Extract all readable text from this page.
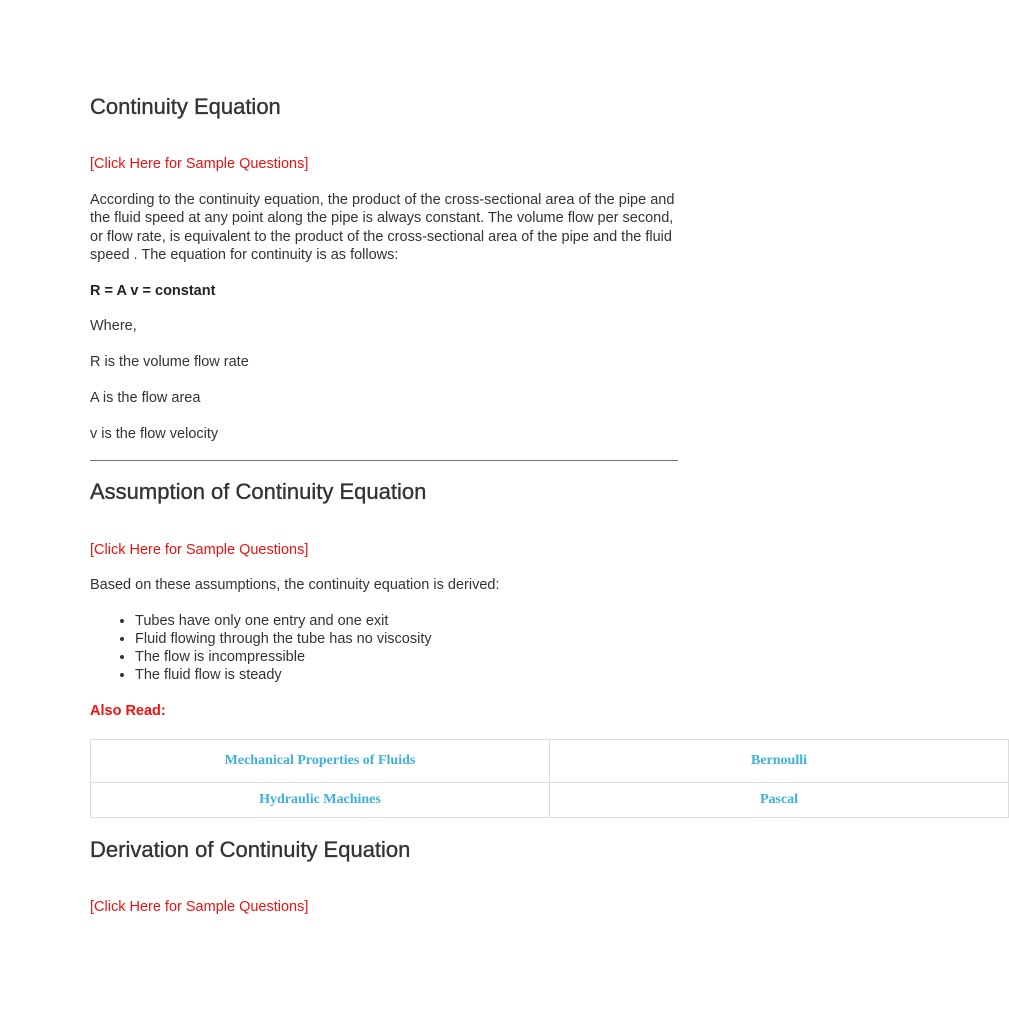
Continuity Equation
[Click Here for Sample Questions]

According to the continuity equation, the product of the cross-sectional area of the pipe and the fluid speed at any point along the pipe is always constant. The volume flow per second, or flow rate, is equivalent to the product of the cross-sectional area of the pipe and the fluid speed . The equation for continuity is as follows:

R = A v = constant

Where,

R is the volume flow rate

A is the flow area

v is the flow velocity

Assumption of Continuity Equation
[Click Here for Sample Questions]

Based on these assumptions, the continuity equation is derived:

• Tubes have only one entry and one exit
• Fluid flowing through the tube has no viscosity
• The flow is incompressible
• The fluid flow is steady
Also Read:
Mechanical Properties of Fluids	Bernoulli
Hydraulic Machines	Pascal
Derivation of Continuity Equation
[Click Here for Sample Questions]
